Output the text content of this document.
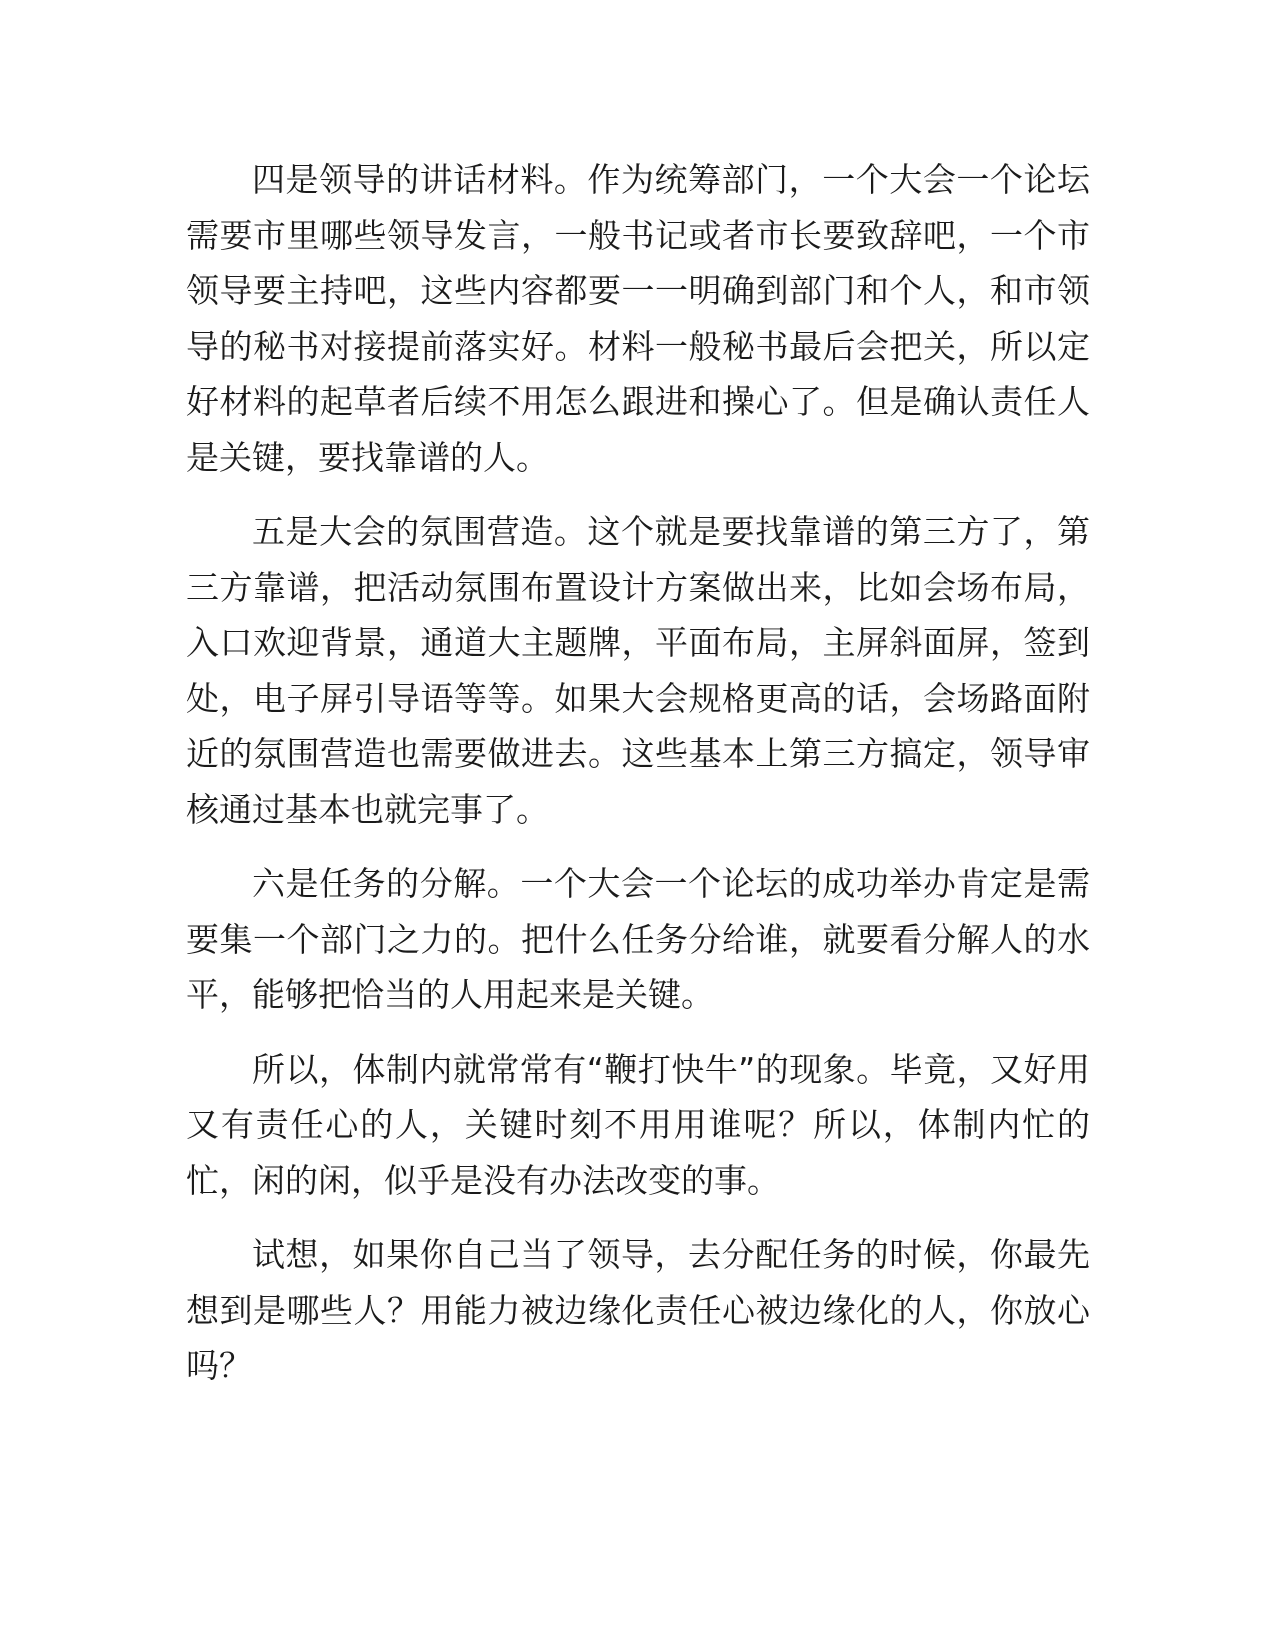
四是领导的讲话材料。作为统筹部门，一个大会一个论坛需要市里哪些领导发言，一般书记或者市长要致辞吧，一个市领导要主持吧，这些内容都要一一明确到部门和个人，和市领导的秘书对接提前落实好。材料一般秘书最后会把关，所以定好材料的起草者后续不用怎么跟进和操心了。但是确认责任人是关键，要找靠谱的人。

五是大会的氛围营造。这个就是要找靠谱的第三方了，第三方靠谱，把活动氛围布置设计方案做出来，比如会场布局，入口欢迎背景，通道大主题牌，平面布局，主屏斜面屏，签到处，电子屏引导语等等。如果大会规格更高的话，会场路面附近的氛围营造也需要做进去。这些基本上第三方搞定，领导审核通过基本也就完事了。

六是任务的分解。一个大会一个论坛的成功举办肯定是需要集一个部门之力的。把什么任务分给谁，就要看分解人的水平，能够把恰当的人用起来是关键。

所以，体制内就常常有“鞭打快牛”的现象。毕竟，又好用又有责任心的人，关键时刻不用用谁呢？所以，体制内忙的忙，闲的闲，似乎是没有办法改变的事。

试想，如果你自己当了领导，去分配任务的时候，你最先想到是哪些人？用能力被边缘化责任心被边缘化的人，你放心吗？
